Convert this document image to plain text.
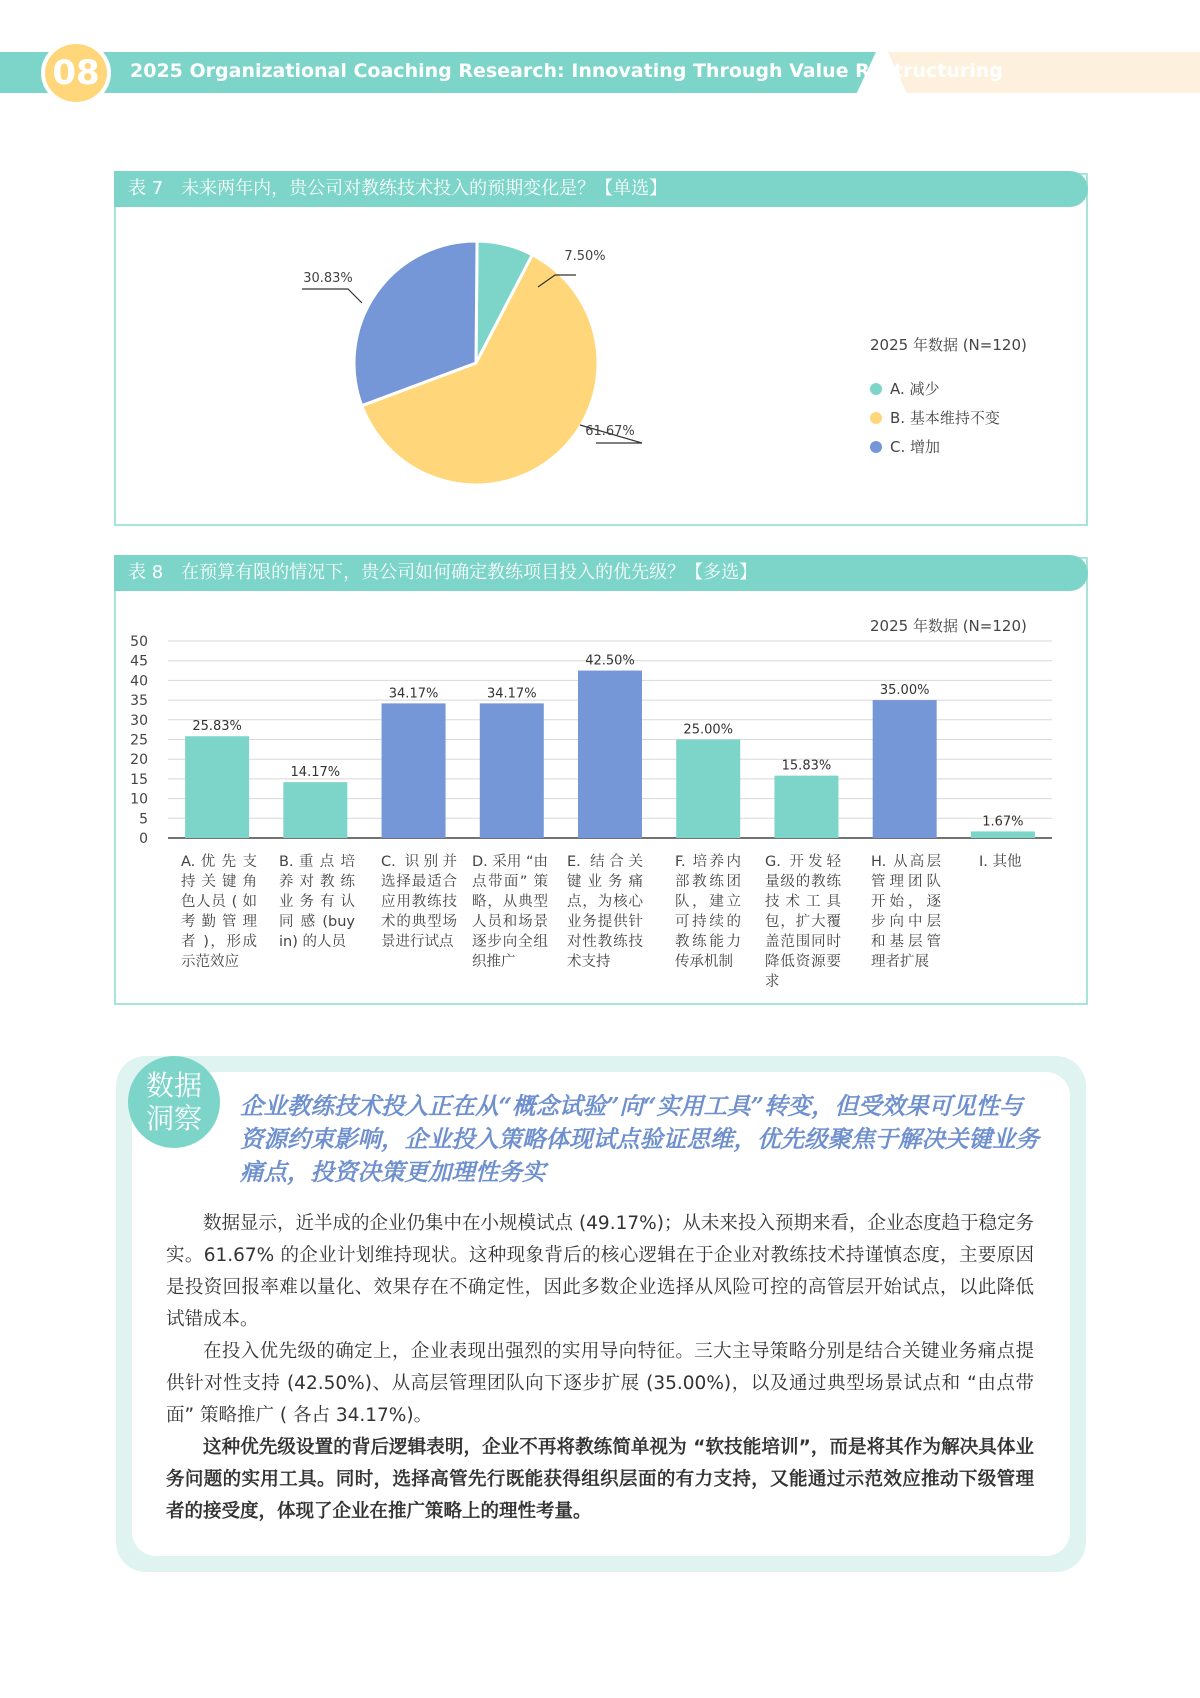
08	2025 Organizational Coaching Research: Innovating Through Value Restructuring
表 7　未来两年内，贵公司对教练技术投入的预期变化是？【单选】
7.50%
61.67%
30.83%
2025 年数据 (N=120)
A. 减少
B. 基本维持不变
C. 增加
表 8　在预算有限的情况下，贵公司如何确定教练项目投入的优先级？【多选】
2025 年数据 (N=120)
0
5
10
15
20
25
30
35
40
45
50
25.83%
14.17%
34.17%	34.17%
42.50%
25.00%
15.83%
35.00%
1.67%
A. 优 先 支 持 关 键 角 色人员 ( 如 考 勤 管 理 者 )，形成 示范效应
B. 重 点 培 养 对 教 练 业 务 有 认 同 感 (buy in) 的人员
C. 识别并选择最适合应用教练技术的典型场景进行试点
D. 采用 “由点带面” 策略，从典型人员和场景逐步向全组织推广
E. 结合关键业务痛点，为核心业务提供针对性教练技术支持
F. 培养内部教练团队，建立可持续的教练能力传承机制
G. 开发轻量级的教练技术工具包，扩大覆盖范围同时降低资源要求
H. 从高层管理团队开始，逐步向中层和基层管理者扩展
I. 其他
数据洞察 企业教练技术投入正在从“概念试验”向“实用工具”转变，但受效果可见性与资源约束影响，企业投入策略体现试点验证思维，优先级聚焦于解决关键业务痛点，投资决策更加理性务实
数据显示，近半成的企业仍集中在小规模试点 (49.17%)；从未来投入预期来看，企业态度趋于稳定务实。61.67% 的企业计划维持现状。这种现象背后的核心逻辑在于企业对教练技术持谨慎态度，主要原因是投资回报率难以量化、效果存在不确定性，因此多数企业选择从风险可控的高管层开始试点，以此降低试错成本。
在投入优先级的确定上，企业表现出强烈的实用导向特征。三大主导策略分别是结合关键业务痛点提供针对性支持 (42.50%)、从高层管理团队向下逐步扩展 (35.00%)，以及通过典型场景试点和 “由点带面” 策略推广 ( 各占 34.17%)。
这种优先级设置的背后逻辑表明，企业不再将教练简单视为 “软技能培训”，而是将其作为解决具体业务问题的实用工具。同时，选择高管先行既能获得组织层面的有力支持，又能通过示范效应推动下级管理者的接受度，体现了企业在推广策略上的理性考量。
